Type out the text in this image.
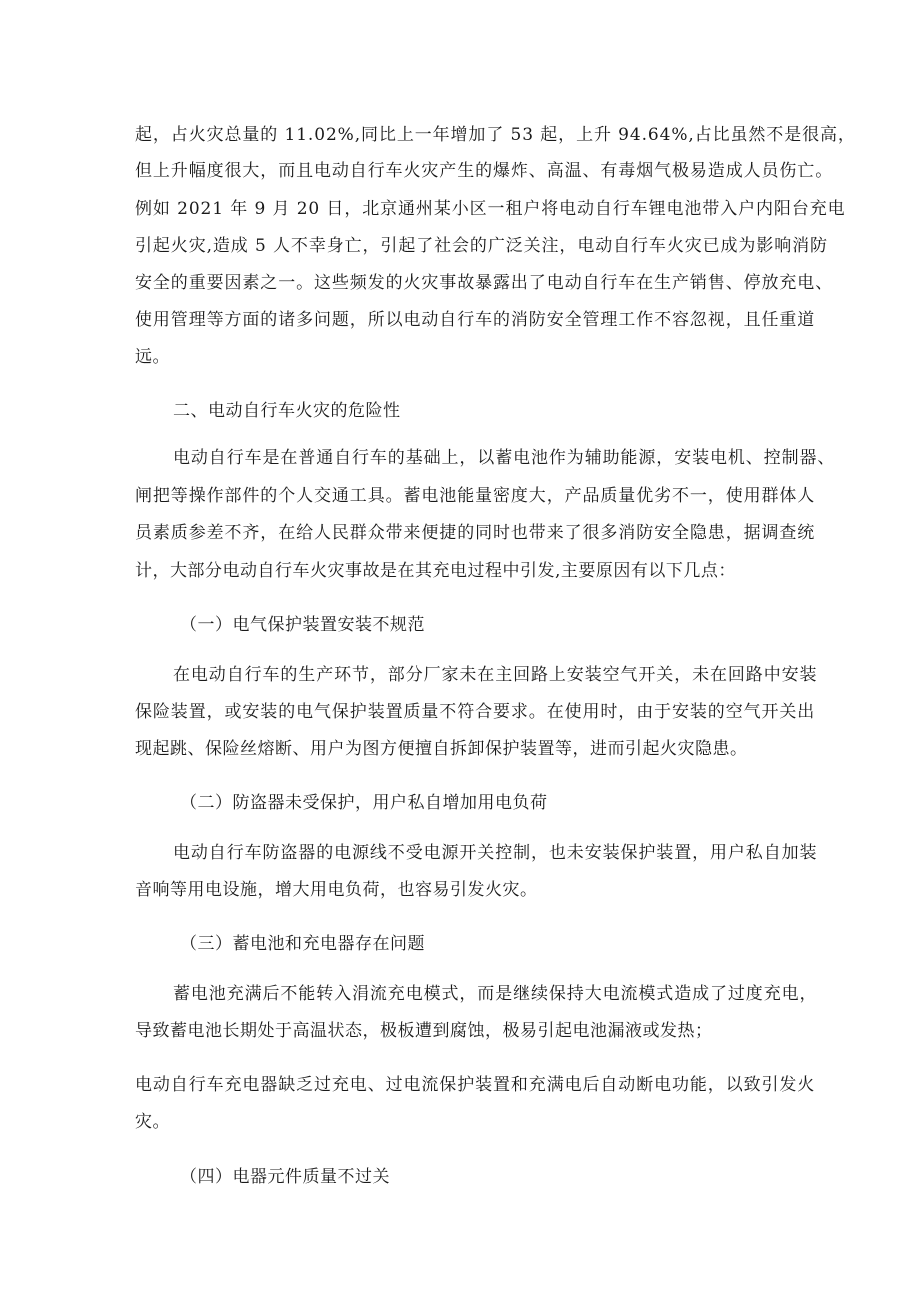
起，占火灾总量的 11.02%,同比上一年增加了 53 起，上升 94.64%,占比虽然不是很高，
但上升幅度很大，而且电动自行车火灾产生的爆炸、高温、有毒烟气极易造成人员伤亡。
例如 2021 年 9 月 20 日，北京通州某小区一租户将电动自行车锂电池带入户内阳台充电
引起火灾,造成 5 人不幸身亡，引起了社会的广泛关注，电动自行车火灾已成为影响消防
安全的重要因素之一。这些频发的火灾事故暴露出了电动自行车在生产销售、停放充电、
使用管理等方面的诸多问题，所以电动自行车的消防安全管理工作不容忽视，且任重道
远。
二、电动自行车火灾的危险性
电动自行车是在普通自行车的基础上，以蓄电池作为辅助能源，安装电机、控制器、
闸把等操作部件的个人交通工具。蓄电池能量密度大，产品质量优劣不一，使用群体人
员素质参差不齐，在给人民群众带来便捷的同时也带来了很多消防安全隐患，据调查统
计，大部分电动自行车火灾事故是在其充电过程中引发,主要原因有以下几点：
（一）电气保护装置安装不规范
在电动自行车的生产环节，部分厂家未在主回路上安装空气开关，未在回路中安装
保险装置，或安装的电气保护装置质量不符合要求。在使用时，由于安装的空气开关出
现起跳、保险丝熔断、用户为图方便擅自拆卸保护装置等，进而引起火灾隐患。
（二）防盗器未受保护，用户私自增加用电负荷
电动自行车防盗器的电源线不受电源开关控制，也未安装保护装置，用户私自加装
音响等用电设施，增大用电负荷，也容易引发火灾。
（三）蓄电池和充电器存在问题
蓄电池充满后不能转入涓流充电模式，而是继续保持大电流模式造成了过度充电，
导致蓄电池长期处于高温状态，极板遭到腐蚀，极易引起电池漏液或发热；
电动自行车充电器缺乏过充电、过电流保护装置和充满电后自动断电功能，以致引发火
灾。
（四）电器元件质量不过关
